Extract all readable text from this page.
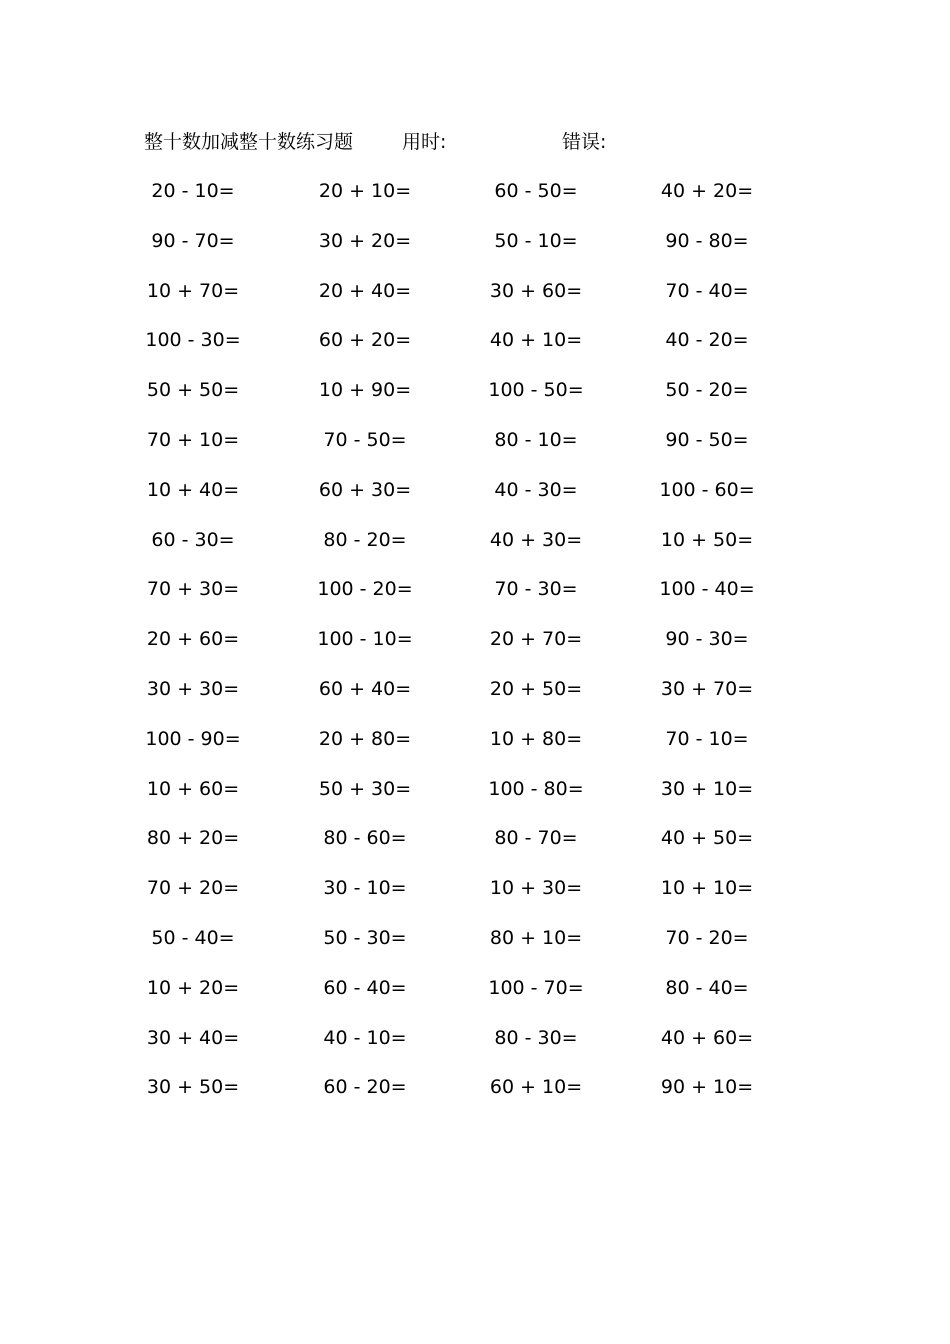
整十数加减整十数练习题	用时:	错误:
20 - 10=	20 + 10=	60 - 50=	40 + 20=
90 - 70=	30 + 20=	50 - 10=	90 - 80=
10 + 70=	20 + 40=	30 + 60=	70 - 40=
100 - 30=	60 + 20=	40 + 10=	40 - 20=
50 + 50=	10 + 90=	100 - 50=	50 - 20=
70 + 10=	70 - 50=	80 - 10=	90 - 50=
10 + 40=	60 + 30=	40 - 30=	100 - 60=
60 - 30=	80 - 20=	40 + 30=	10 + 50=
70 + 30=	100 - 20=	70 - 30=	100 - 40=
20 + 60=	100 - 10=	20 + 70=	90 - 30=
30 + 30=	60 + 40=	20 + 50=	30 + 70=
100 - 90=	20 + 80=	10 + 80=	70 - 10=
10 + 60=	50 + 30=	100 - 80=	30 + 10=
80 + 20=	80 - 60=	80 - 70=	40 + 50=
70 + 20=	30 - 10=	10 + 30=	10 + 10=
50 - 40=	50 - 30=	80 + 10=	70 - 20=
10 + 20=	60 - 40=	100 - 70=	80 - 40=
30 + 40=	40 - 10=	80 - 30=	40 + 60=
30 + 50=	60 - 20=	60 + 10=	90 + 10=
